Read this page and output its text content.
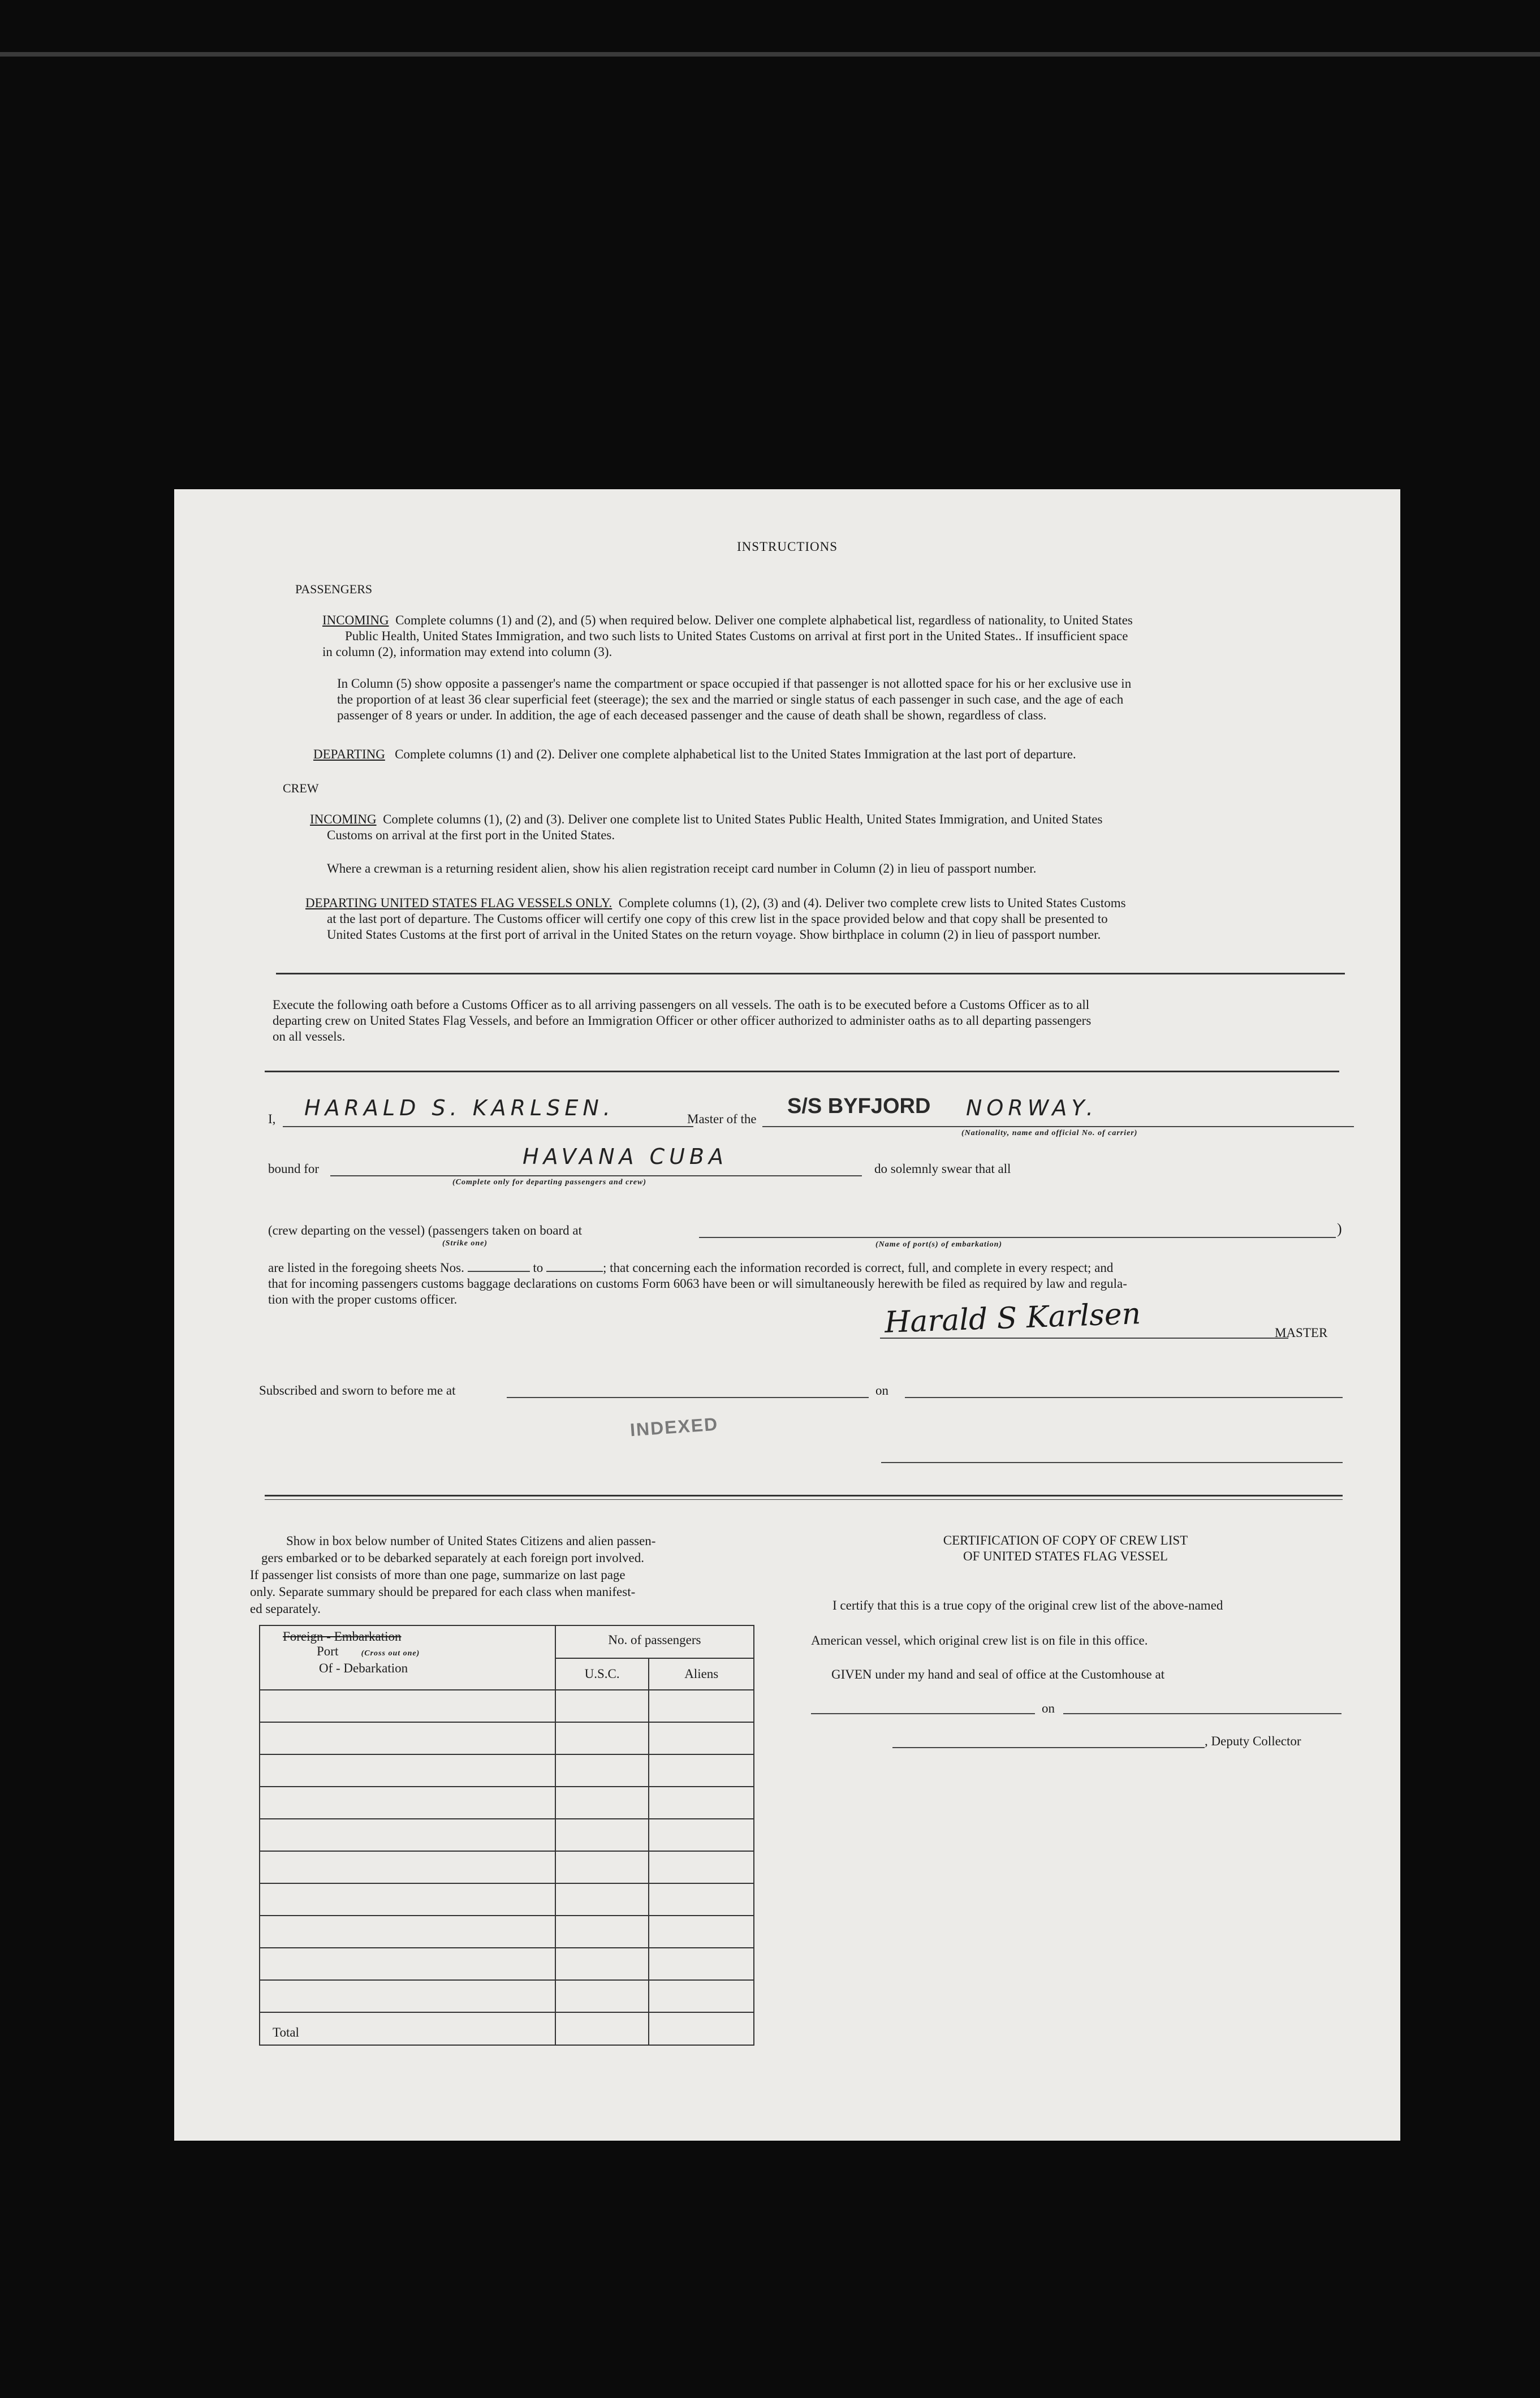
INSTRUCTIONS
PASSENGERS
INCOMING Complete columns (1) and (2), and (5) when required below. Deliver one complete alphabetical list, regardless of nationality, to United States
Public Health, United States Immigration, and two such lists to United States Customs on arrival at first port in the United States.. If insufficient space
in column (2), information may extend into column (3).
In Column (5) show opposite a passenger's name the compartment or space occupied if that passenger is not allotted space for his or her exclusive use in
the proportion of at least 36 clear superficial feet (steerage); the sex and the married or single status of each passenger in such case, and the age of each
passenger of 8 years or under. In addition, the age of each deceased passenger and the cause of death shall be shown, regardless of class.
DEPARTING Complete columns (1) and (2). Deliver one complete alphabetical list to the United States Immigration at the last port of departure.
CREW
INCOMING Complete columns (1), (2) and (3). Deliver one complete list to United States Public Health, United States Immigration, and United States
Customs on arrival at the first port in the United States.
Where a crewman is a returning resident alien, show his alien registration receipt card number in Column (2) in lieu of passport number.
DEPARTING UNITED STATES FLAG VESSELS ONLY. Complete columns (1), (2), (3) and (4). Deliver two complete crew lists to United States Customs
at the last port of departure. The Customs officer will certify one copy of this crew list in the space provided below and that copy shall be presented to
United States Customs at the first port of arrival in the United States on the return voyage. Show birthplace in column (2) in lieu of passport number.
Execute the following oath before a Customs Officer as to all arriving passengers on all vessels. The oath is to be executed before a Customs Officer as to all
departing crew on United States Flag Vessels, and before an Immigration Officer or other officer authorized to administer oaths as to all departing passengers
on all vessels.
I, HARALD S. KARLSEN.	Master of the
S/S BYFJORD NORWAY.
(Nationality, name and official No. of carrier)
bound for	HAVANA CUBA
(Complete only for departing passengers and crew)
do solemnly swear that all
(crew departing on the vessel) (passengers taken on board at
(Strike one)	(Name of port(s) of embarkation)
)
are listed in the foregoing sheets Nos.	to	; that concerning each the information recorded is correct, full, and complete in every respect; and
that for incoming passengers customs baggage declarations on customs Form 6063 have been or will simultaneously herewith be filed as required by law and regula-
tion with the proper customs officer.	Harald S Karlsen	MASTER
Subscribed and sworn to before me at	on
INDEXED
Show in box below number of United States Citizens and alien passen-
gers embarked or to be debarked separately at each foreign port involved.
If passenger list consists of more than one page, summarize on last page
only. Separate summary should be prepared for each class when manifest-
ed separately.
Foreign - Embarkation
Port (Cross out one)
Of - Debarkation	No. of passengers	
	U.S.C.	Aliens

Total		
CERTIFICATION OF COPY OF CREW LIST
OF UNITED STATES FLAG VESSEL
I certify that this is a true copy of the original crew list of the above-named
American vessel, which original crew list is on file in this office.
GIVEN under my hand and seal of office at the Customhouse at
on
, Deputy Collector
